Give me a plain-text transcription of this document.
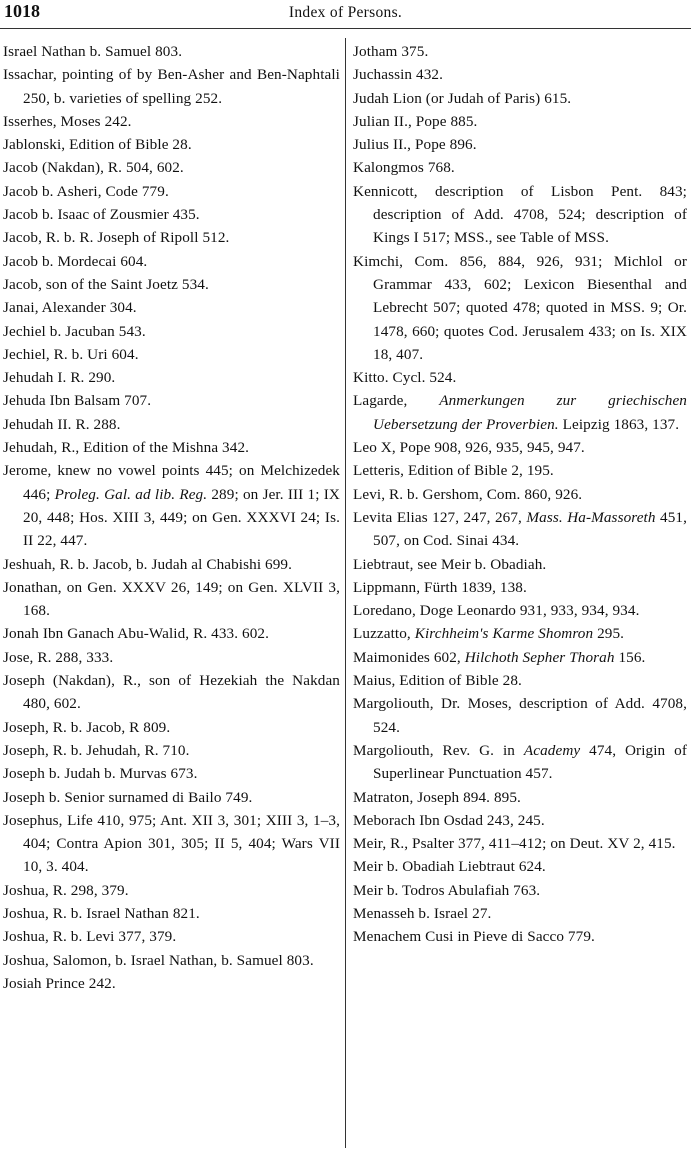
1018	Index of Persons.
Israel Nathan b. Samuel 803.
Issachar, pointing of by Ben-Asher and Ben-Naphtali 250, b. varieties of spelling 252.
Isserhes, Moses 242.
Jablonski, Edition of Bible 28.
Jacob (Nakdan), R. 504, 602.
Jacob b. Asheri, Code 779.
Jacob b. Isaac of Zousmier 435.
Jacob, R. b. R. Joseph of Ripoll 512.
Jacob b. Mordecai 604.
Jacob, son of the Saint Joetz 534.
Janai, Alexander 304.
Jechiel b. Jacuban 543.
Jechiel, R. b. Uri 604.
Jehudah I. R. 290.
Jehuda Ibn Balsam 707.
Jehudah II. R. 288.
Jehudah, R., Edition of the Mishna 342.
Jerome, knew no vowel points 445; on Melchizedek 446; Proleg. Gal. ad lib. Reg. 289; on Jer. III 1; IX 20, 448; Hos. XIII 3, 449; on Gen. XXXVI 24; Is. II 22, 447.
Jeshuah, R. b. Jacob, b. Judah al Chabishi 699.
Jonathan, on Gen. XXXV 26, 149; on Gen. XLVII 3, 168.
Jonah Ibn Ganach Abu-Walid, R. 433. 602.
Jose, R. 288, 333.
Joseph (Nakdan), R., son of Hezekiah the Nakdan 480, 602.
Joseph, R. b. Jacob, R 809.
Joseph, R. b. Jehudah, R. 710.
Joseph b. Judah b. Murvas 673.
Joseph b. Senior surnamed di Bailo 749.
Josephus, Life 410, 975; Ant. XII 3, 301; XIII 3, 1–3, 404; Contra Apion 301, 305; II 5, 404; Wars VII 10, 3. 404.
Joshua, R. 298, 379.
Joshua, R. b. Israel Nathan 821.
Joshua, R. b. Levi 377, 379.
Joshua, Salomon, b. Israel Nathan, b. Samuel 803.
Josiah Prince 242.
Jotham 375.
Juchassin 432.
Judah Lion (or Judah of Paris) 615.
Julian II., Pope 885.
Julius II., Pope 896.
Kalongmos 768.
Kennicott, description of Lisbon Pent. 843; description of Add. 4708, 524; description of Kings I 517; MSS., see Table of MSS.
Kimchi, Com. 856, 884, 926, 931; Michlol or Grammar 433, 602; Lexicon Biesenthal and Lebrecht 507; quoted 478; quoted in MSS. 9; Or. 1478, 660; quotes Cod. Jerusalem 433; on Is. XIX 18, 407.
Kitto. Cycl. 524.
Lagarde, Anmerkungen zur griechischen Uebersetzung der Proverbien. Leipzig 1863, 137.
Leo X, Pope 908, 926, 935, 945, 947.
Letteris, Edition of Bible 2, 195.
Levi, R. b. Gershom, Com. 860, 926.
Levita Elias 127, 247, 267, Mass. Ha-Massoreth 451, 507, on Cod. Sinai 434.
Liebtraut, see Meir b. Obadiah.
Lippmann, Fürth 1839, 138.
Loredano, Doge Leonardo 931, 933, 934, 934.
Luzzatto, Kirchheim's Karme Shomron 295.
Maimonides 602, Hilchoth Sepher Thorah 156.
Maius, Edition of Bible 28.
Margoliouth, Dr. Moses, description of Add. 4708, 524.
Margoliouth, Rev. G. in Academy 474, Origin of Superlinear Punctuation 457.
Matraton, Joseph 894. 895.
Meborach Ibn Osdad 243, 245.
Meir, R., Psalter 377, 411–412; on Deut. XV 2, 415.
Meir b. Obadiah Liebtraut 624.
Meir b. Todros Abulafiah 763.
Menasseh b. Israel 27.
Menachem Cusi in Pieve di Sacco 779.
